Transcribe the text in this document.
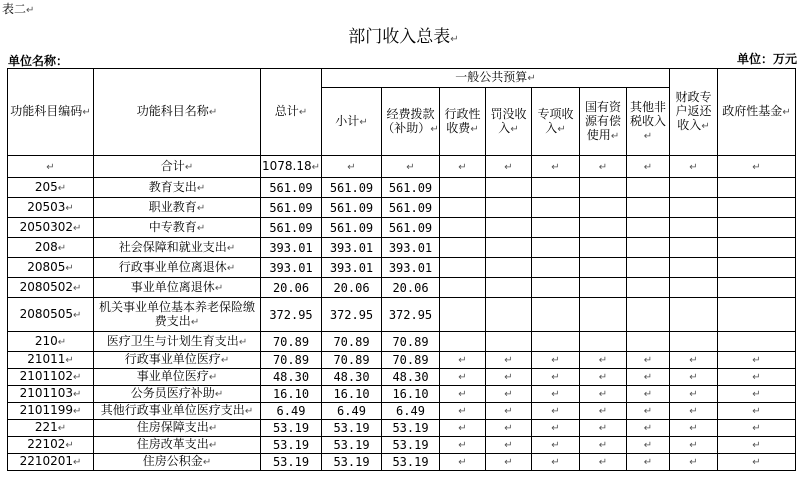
表二↵
部门收入总表↵
单位名称：	单位：万元
功能科目编码↵	功能科目名称↵	总计↵	一般公共预算↵							财政专户返还收入↵	政府性基金↵
			小计↵	经费拨款（补助）↵	行政性收费↵	罚没收入↵	专项收入↵	国有资源有偿使用↵	其他非税收入↵		
↵	合计↵	1078.18↵	↵	↵	↵	↵	↵	↵	↵	↵	↵
205↵	教育支出↵	561.09	561.09	561.09							
20503↵	职业教育↵	561.09	561.09	561.09							
2050302↵	中专教育↵	561.09	561.09	561.09							
208↵	社会保障和就业支出↵	393.01	393.01	393.01							
20805↵	行政事业单位离退休↵	393.01	393.01	393.01							
2080502↵	事业单位离退休↵	20.06	20.06	20.06							
2080505↵	机关事业单位基本养老保险缴费支出↵	372.95	372.95	372.95							
210↵	医疗卫生与计划生育支出↵	70.89	70.89	70.89							
21011↵	行政事业单位医疗↵	70.89	70.89	70.89	↵	↵	↵	↵	↵	↵	↵
2101102↵	事业单位医疗↵	48.30	48.30	48.30	↵	↵	↵	↵	↵	↵	↵
2101103↵	公务员医疗补助↵	16.10	16.10	16.10	↵	↵	↵	↵	↵	↵	↵
2101199↵	其他行政事业单位医疗支出↵	6.49	6.49	6.49	↵	↵	↵	↵	↵	↵	↵
221↵	住房保障支出↵	53.19	53.19	53.19	↵	↵	↵	↵	↵	↵	↵
22102↵	住房改革支出↵	53.19	53.19	53.19	↵	↵	↵	↵	↵	↵	↵
2210201↵	住房公积金↵	53.19	53.19	53.19	↵	↵	↵	↵	↵	↵	↵
